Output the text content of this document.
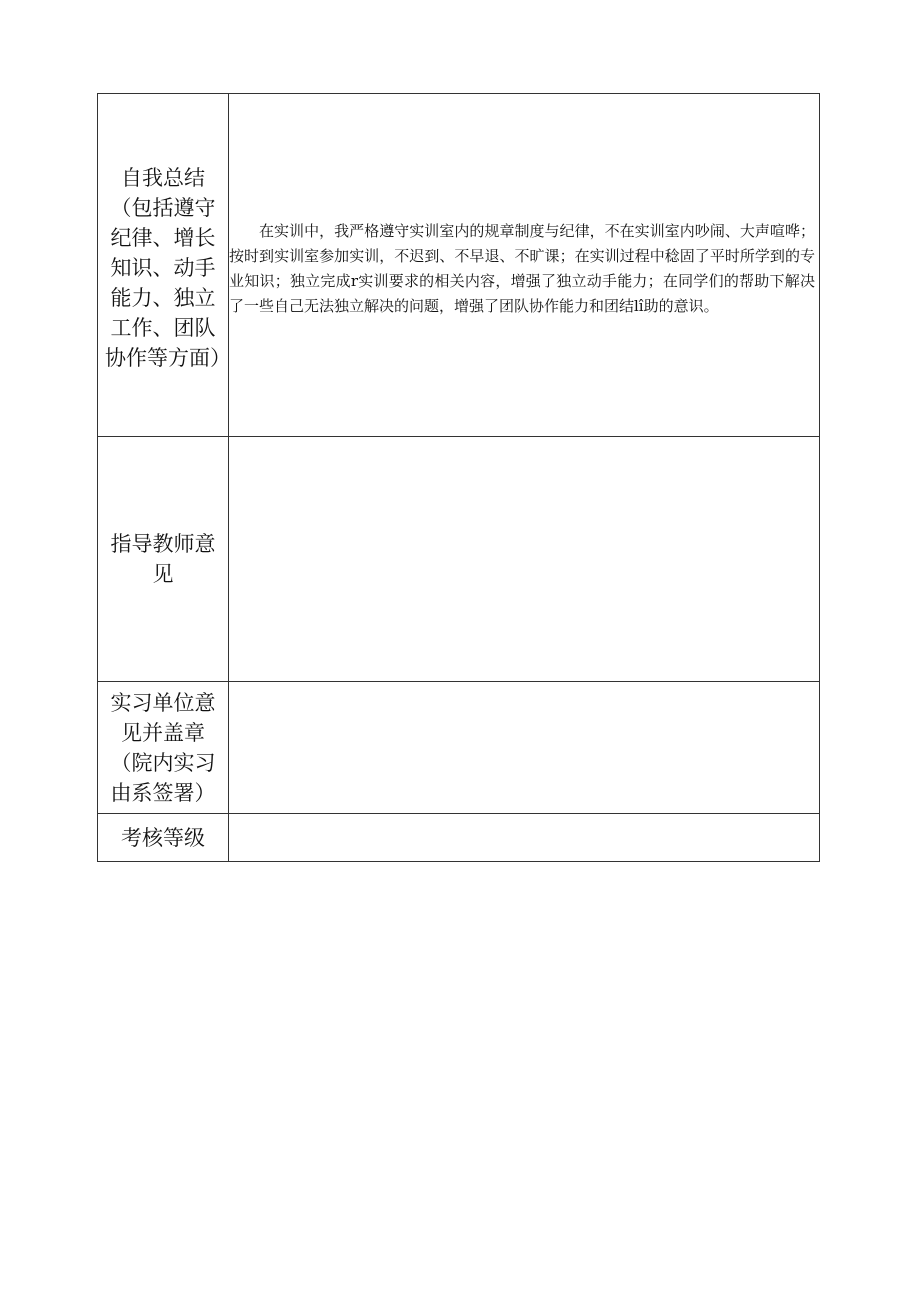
自我总结（包括遵守纪律、增长知识、动手能力、独立工作、团队协作等方面）	在实训中，我严格遵守实训室内的规章制度与纪律，不在实训室内吵闹、大声喧哗；按时到实训室参加实训，不迟到、不早退、不旷课；在实训过程中稔固了平时所学到的专业知识；独立完成r实训要求的相关内容，增强了独立动手能力；在同学们的帮助下解决了一些自己无法独立解决的问题，增强了团队协作能力和团结lî助的意识。

指导教师意见	

实习单位意见并盖章（院内实习由系签署）	

考核等级	
